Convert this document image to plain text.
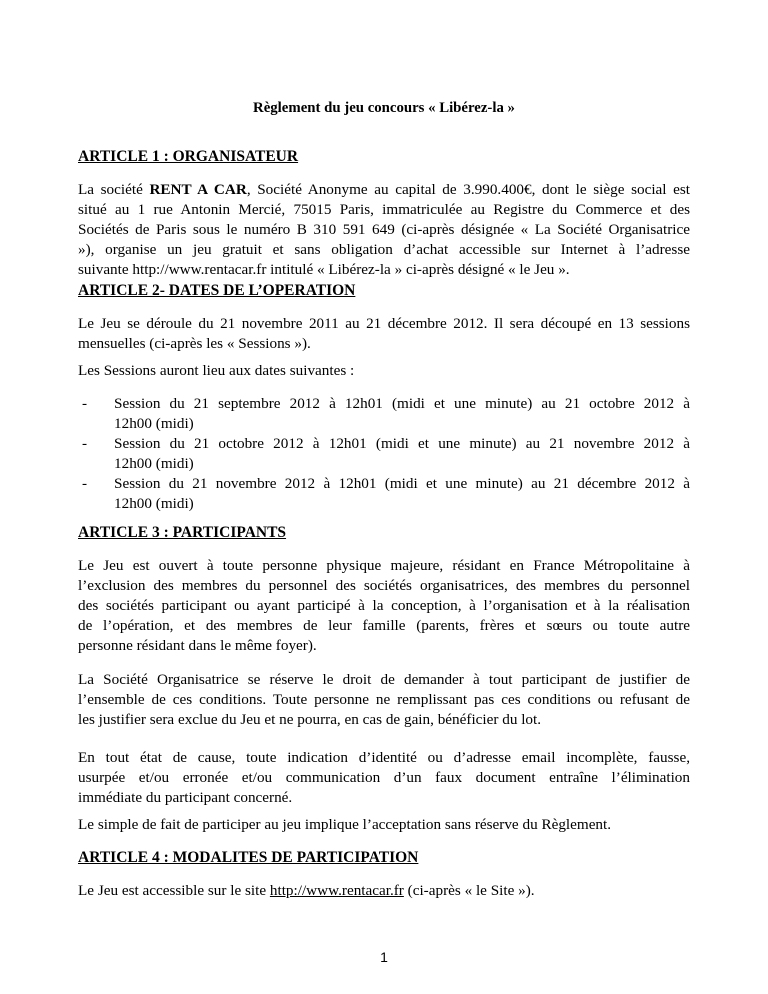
Règlement du jeu concours « Libérez-la »
ARTICLE 1 : ORGANISATEUR
La société RENT A CAR, Société Anonyme au capital de 3.990.400€, dont le siège social est
situé au 1 rue Antonin Mercié, 75015 Paris, immatriculée au Registre du Commerce et des
Sociétés de Paris sous le numéro B 310 591 649 (ci-après désignée « La Société Organisatrice
»), organise un jeu gratuit et sans obligation d’achat accessible sur Internet à l’adresse
suivante http://www.rentacar.fr intitulé « Libérez-la » ci-après désigné « le Jeu ».
ARTICLE 2- DATES DE L’OPERATION
Le Jeu se déroule du 21 novembre 2011 au 21 décembre 2012. Il sera découpé en 13 sessions
mensuelles (ci-après les « Sessions »).
Les Sessions auront lieu aux dates suivantes :
- Session du 21 septembre 2012 à 12h01 (midi et une minute) au 21 octobre 2012 à
12h00 (midi)
- Session du 21 octobre 2012 à 12h01 (midi et une minute) au 21 novembre 2012 à
12h00 (midi)
- Session du 21 novembre 2012 à 12h01 (midi et une minute) au 21 décembre 2012 à
12h00 (midi)
ARTICLE 3 : PARTICIPANTS
Le Jeu est ouvert à toute personne physique majeure, résidant en France Métropolitaine à
l’exclusion des membres du personnel des sociétés organisatrices, des membres du personnel
des sociétés participant ou ayant participé à la conception, à l’organisation et à la réalisation
de l’opération, et des membres de leur famille (parents, frères et sœurs ou toute autre
personne résidant dans le même foyer).
La Société Organisatrice se réserve le droit de demander à tout participant de justifier de
l’ensemble de ces conditions. Toute personne ne remplissant pas ces conditions ou refusant de
les justifier sera exclue du Jeu et ne pourra, en cas de gain, bénéficier du lot.
En tout état de cause, toute indication d’identité ou d’adresse email incomplète, fausse,
usurpée et/ou erronée et/ou communication d’un faux document entraîne l’élimination
immédiate du participant concerné.
Le simple de fait de participer au jeu implique l’acceptation sans réserve du Règlement.
ARTICLE 4 : MODALITES DE PARTICIPATION
Le Jeu est accessible sur le site http://www.rentacar.fr (ci-après « le Site »).
1
